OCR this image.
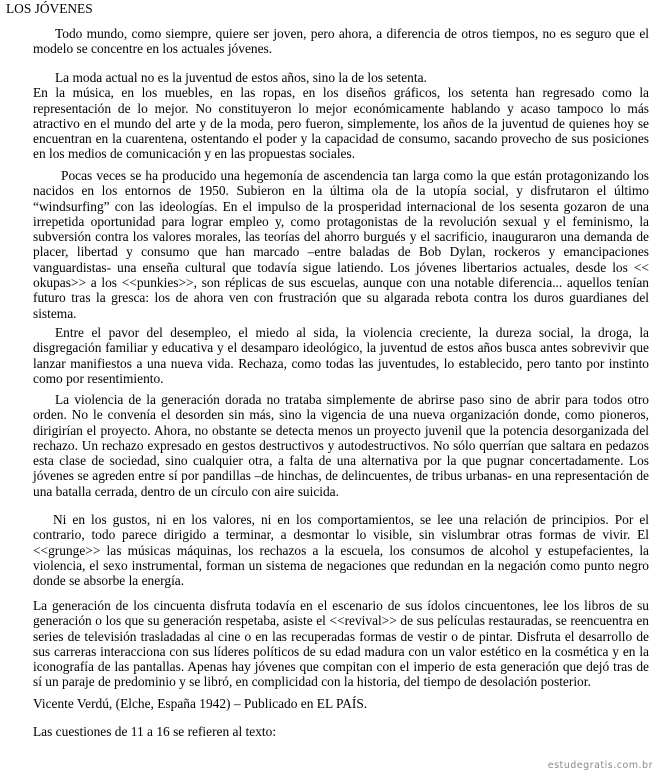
LOS JÓVENES

Todo mundo, como siempre, quiere ser joven, pero ahora, a diferencia de otros tiempos, no es seguro que el modelo se concentre en los actuales jóvenes.

La moda actual no es la juventud de estos años, sino la de los setenta.
En la música, en los muebles, en las ropas, en los diseños gráficos, los setenta han regresado como la representación de lo mejor. No constituyeron lo mejor económicamente hablando y acaso tampoco lo más atractivo en el mundo del arte y de la moda, pero fueron, simplemente, los años de la juventud de quienes hoy se encuentran en la cuarentena, ostentando el poder y la capacidad de consumo, sacando provecho de sus posiciones en los medios de comunicación y en las propuestas sociales.

Pocas veces se ha producido una hegemonía de ascendencia tan larga como la que están protagonizando los nacidos en los entornos de 1950. Subieron en la última ola de la utopía social, y disfrutaron el último “windsurfing” con las ideologías. En el impulso de la prosperidad internacional de los sesenta gozaron de una irrepetida oportunidad para lograr empleo y, como protagonistas de la revolución sexual y el feminismo, la subversión contra los valores morales, las teorías del ahorro burgués y el sacrificio, inauguraron una demanda de placer, libertad y consumo que han marcado –entre baladas de Bob Dylan, rockeros y emancipaciones vanguardistas- una enseña cultural que todavía sigue latiendo. Los jóvenes libertarios actuales, desde los << okupas>> a los <<punkies>>, son réplicas de sus escuelas, aunque con una notable diferencia... aquellos tenían futuro tras la gresca: los de ahora ven con frustración que su algarada rebota contra los duros guardianes del sistema.

Entre el pavor del desempleo, el miedo al sida, la violencia creciente, la dureza social, la droga, la disgregación familiar y educativa y el desamparo ideológico, la juventud de estos años busca antes sobrevivir que lanzar manifiestos a una nueva vida. Rechaza, como todas las juventudes, lo establecido, pero tanto por instinto como por resentimiento.

La violencia de la generación dorada no trataba simplemente de abrirse paso sino de abrir para todos otro orden. No le convenía el desorden sin más, sino la vigencia de una nueva organización donde, como pioneros, dirigirían el proyecto. Ahora, no obstante se detecta menos un proyecto juvenil que la potencia desorganizada del rechazo. Un rechazo expresado en gestos destructivos y autodestructivos. No sólo querrían que saltara en pedazos esta clase de sociedad, sino cualquier otra, a falta de una alternativa por la que pugnar concertadamente. Los jóvenes se agreden entre sí por pandillas –de hinchas, de delincuentes, de tribus urbanas- en una representación de una batalla cerrada, dentro de un círculo con aire suicida.

Ni en los gustos, ni en los valores, ni en los comportamientos, se lee una relación de principios. Por el contrario, todo parece dirigido a terminar, a desmontar lo visible, sin vislumbrar otras formas de vivir. El <<grunge>> las músicas máquinas, los rechazos a la escuela, los consumos de alcohol y estupefacientes, la violencia, el sexo instrumental, forman un sistema de negaciones que redundan en la negación como punto negro donde se absorbe la energía.

La generación de los cincuenta disfruta todavía en el escenario de sus ídolos cincuentones, lee los libros de su generación o los que su generación respetaba, asiste el <<revival>> de sus películas restauradas, se reencuentra en series de televisión trasladadas al cine o en las recuperadas formas de vestir o de pintar. Disfruta el desarrollo de sus carreras interacciona con sus líderes políticos de su edad madura con un valor estético en la cosmética y en la iconografía de las pantallas. Apenas hay jóvenes que compitan con el imperio de esta generación que dejó tras de sí un paraje de predominio y se libró, en complicidad con la historia, del tiempo de desolación posterior.

Vicente Verdú, (Elche, España 1942) – Publicado en EL PAÍS.
Las cuestiones de 11 a 16 se refieren al texto:
estudegratis.com.br
